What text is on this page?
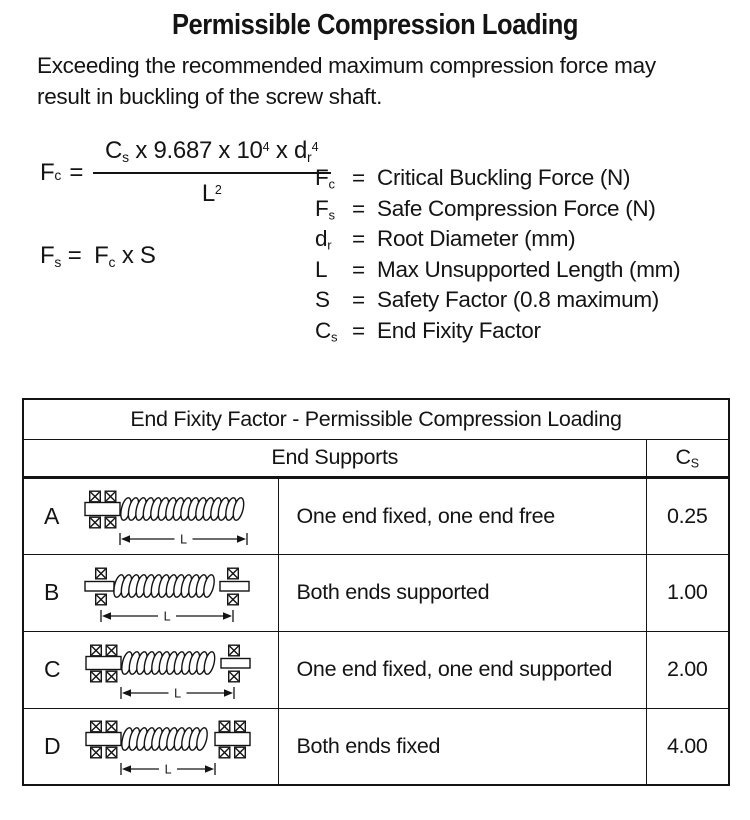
Permissible Compression Loading
Exceeding the recommended maximum compression force may
result in buckling of the screw shaft.
F $c = \frac{Cs x 9.687 x 10^4 x dr^4}{L^2}$
Fs = Fc x S
Fc = Critical Buckling Force (N)
Fs = Safe Compression Force (N)
dr = Root Diameter (mm)
L	= Max Unsupported Length (mm)
S = Safety Factor (0.8 maximum)
Cs = End Fixity Factor
End Fixity Factor - Permissible Compression Loading		
End Supports		CS

A
L	One end fixed, one end free	0.25

B
L	Both ends supported	1.00

C
L	One end fixed, one end supported	2.00

D
L	Both ends fixed	4.00
